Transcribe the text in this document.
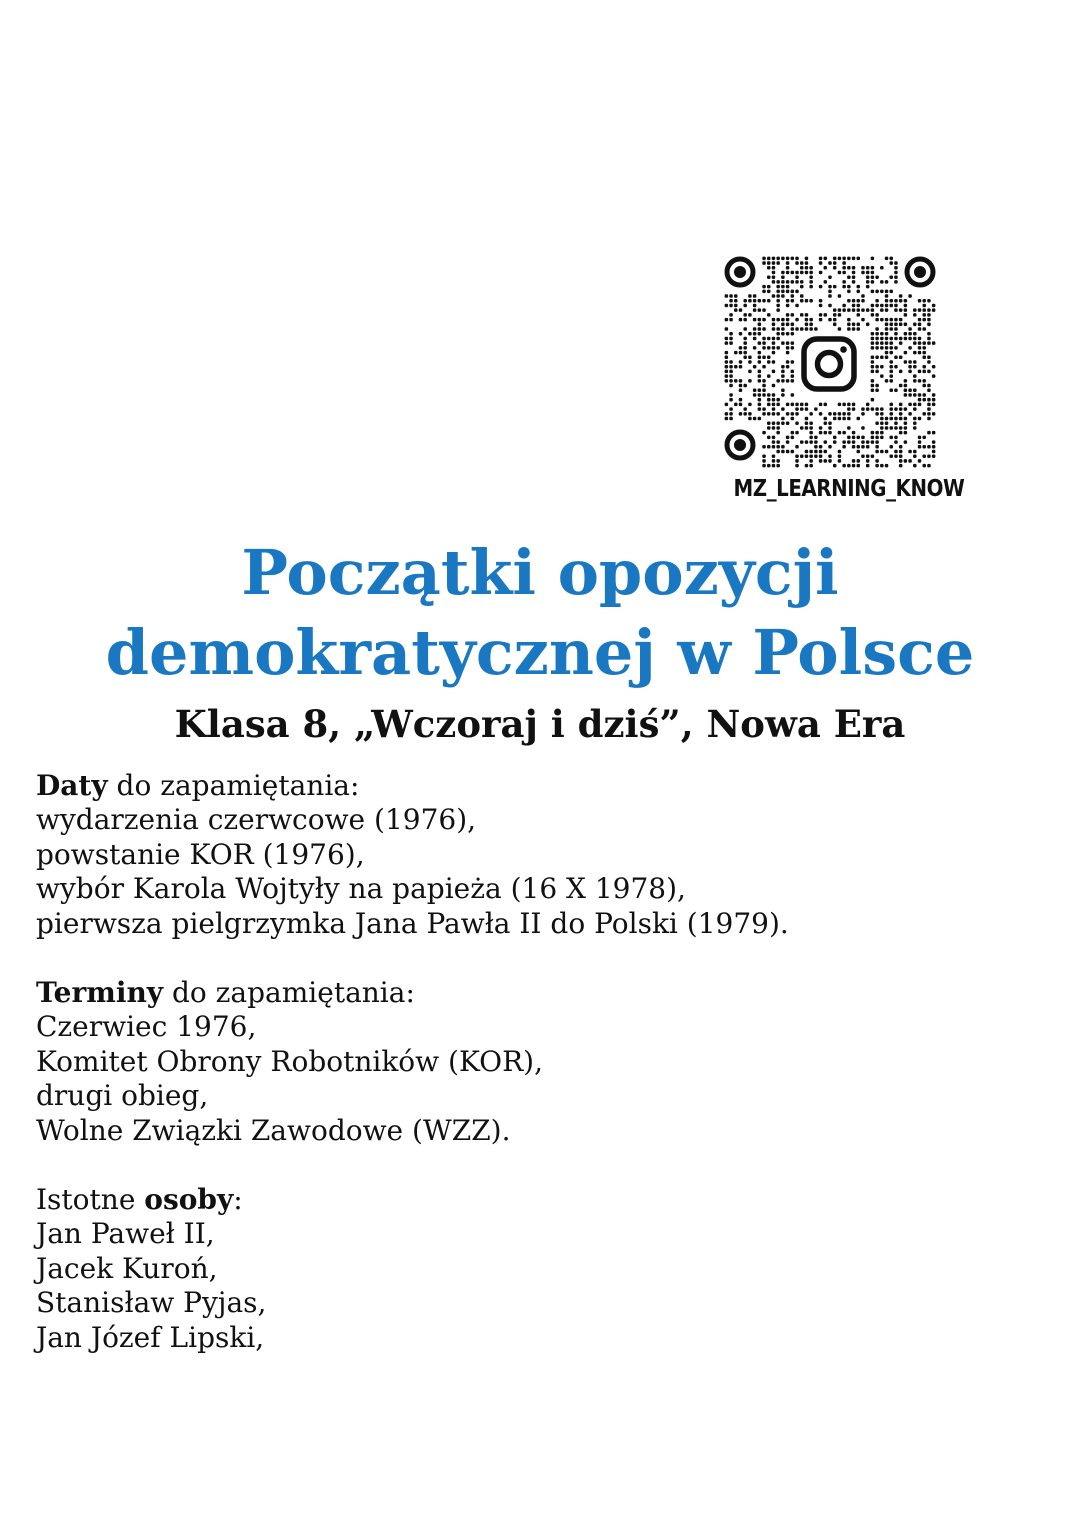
MZ_LEARNING_KNOW
Początki opozycji
demokratycznej w Polsce
Klasa 8, „Wczoraj i dziś”, Nowa Era
Daty do zapamiętania:
wydarzenia czerwcowe (1976),
powstanie KOR (1976),
wybór Karola Wojtyły na papieża (16 X 1978),
pierwsza pielgrzymka Jana Pawła II do Polski (1979).
Terminy do zapamiętania:
Czerwiec 1976,
Komitet Obrony Robotników (KOR),
drugi obieg,
Wolne Związki Zawodowe (WZZ).
Istotne osoby:
Jan Paweł II,
Jacek Kuroń,
Stanisław Pyjas,
Jan Józef Lipski,
